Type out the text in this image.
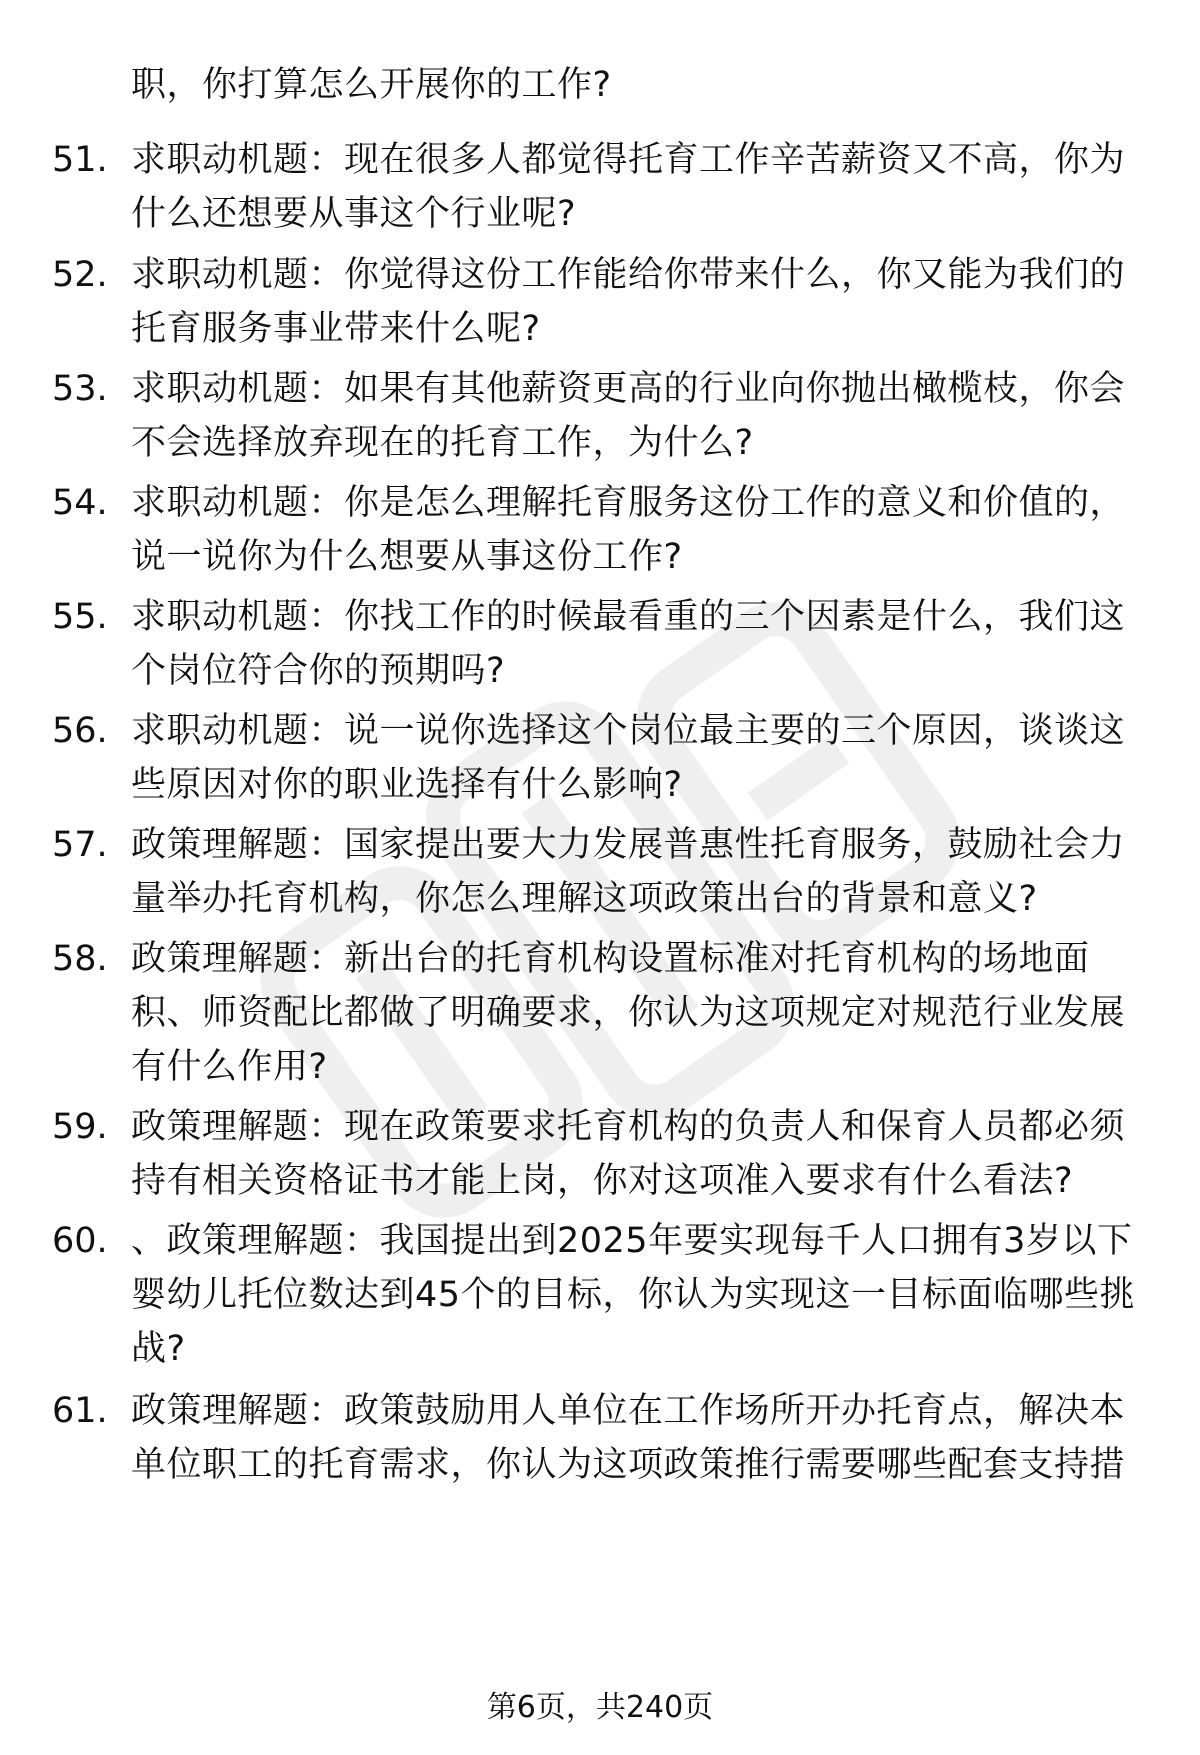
职，你打算怎么开展你的工作?
51. 求职动机题：现在很多人都觉得托育工作辛苦薪资又不高，你为
什么还想要从事这个行业呢?
52. 求职动机题：你觉得这份工作能给你带来什么，你又能为我们的
托育服务事业带来什么呢?
53. 求职动机题：如果有其他薪资更高的行业向你抛出橄榄枝，你会
不会选择放弃现在的托育工作，为什么?
54. 求职动机题：你是怎么理解托育服务这份工作的意义和价值的，
说一说你为什么想要从事这份工作?
55. 求职动机题：你找工作的时候最看重的三个因素是什么，我们这
个岗位符合你的预期吗?
56. 求职动机题：说一说你选择这个岗位最主要的三个原因，谈谈这
些原因对你的职业选择有什么影响?
57. 政策理解题：国家提出要大力发展普惠性托育服务，鼓励社会力
量举办托育机构，你怎么理解这项政策出台的背景和意义?
58. 政策理解题：新出台的托育机构设置标准对托育机构的场地面
积、师资配比都做了明确要求，你认为这项规定对规范行业发展
有什么作用?
59. 政策理解题：现在政策要求托育机构的负责人和保育人员都必须
持有相关资格证书才能上岗，你对这项准入要求有什么看法?
60. 、政策理解题：我国提出到2025年要实现每千人口拥有3岁以下
婴幼儿托位数达到45个的目标，你认为实现这一目标面临哪些挑
战?
61. 政策理解题：政策鼓励用人单位在工作场所开办托育点，解决本
单位职工的托育需求，你认为这项政策推行需要哪些配套支持措
第6页，共240页
